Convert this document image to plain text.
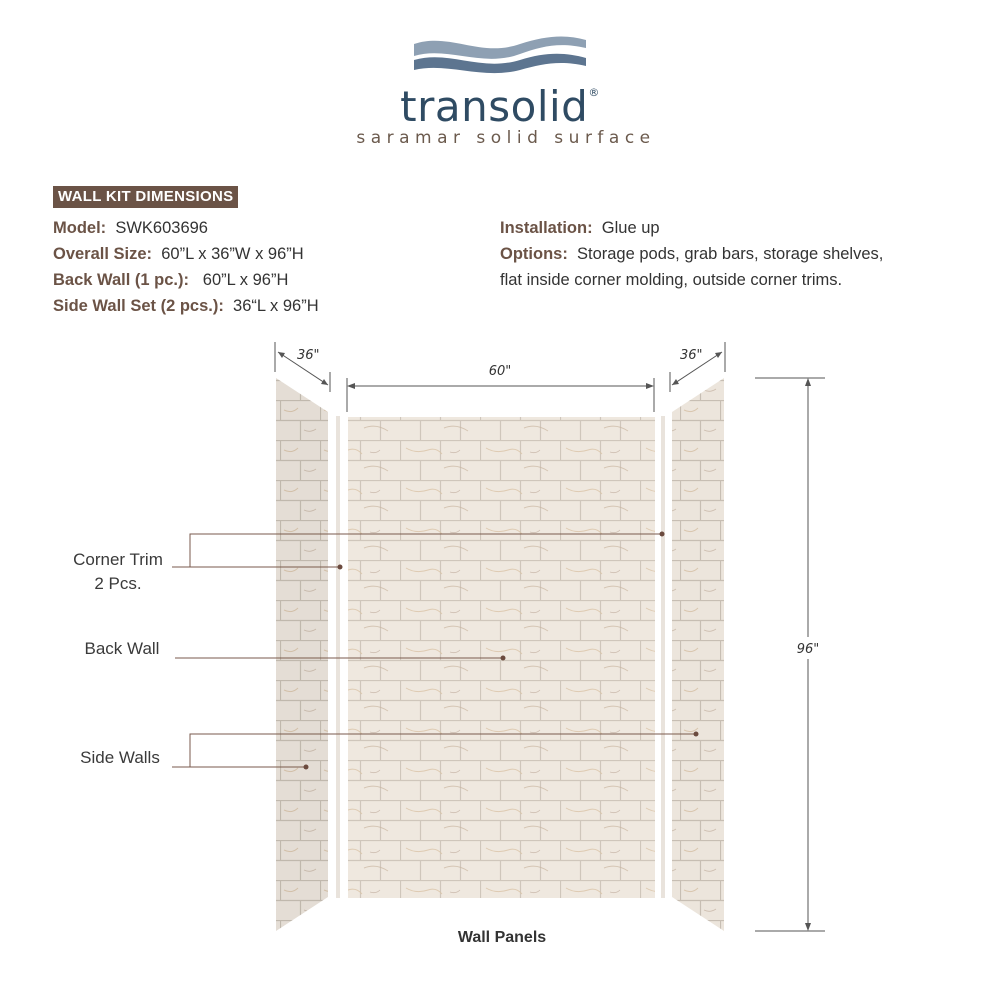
transolid®
saramar solid surface
WALL KIT DIMENSIONS
Model: SWK603696
Overall Size: 60”L x 36”W x 96”H
Back Wall (1 pc.): 60”L x 96”H
Side Wall Set (2 pcs.): 36“L x 96”H
Installation: Glue up
Options: Storage pods, grab bars, storage shelves, flat inside corner molding, outside corner trims.
36"
60"
36"
96"
Corner Trim
2 Pcs.
Back Wall
Side Walls
Wall Panels
